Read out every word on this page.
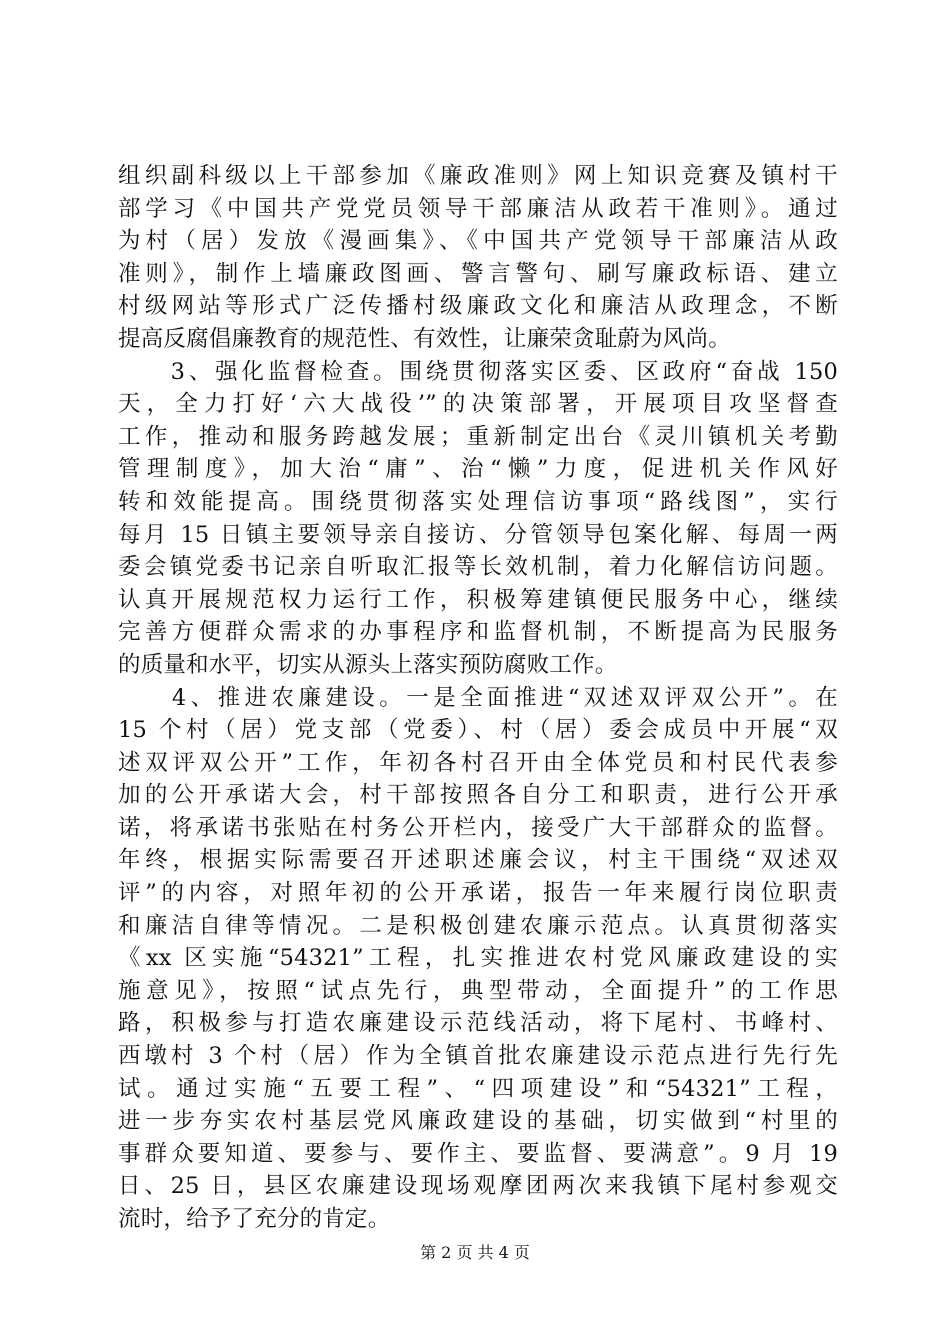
组织副科级以上干部参加《廉政准则》网上知识竞赛及镇村干
部学习《中国共产党党员领导干部廉洁从政若干准则》。通过
为村（居）发放《漫画集》、《中国共产党领导干部廉洁从政
准则》，制作上墙廉政图画、警言警句、刷写廉政标语、建立
村级网站等形式广泛传播村级廉政文化和廉洁从政理念，不断
提高反腐倡廉教育的规范性、有效性，让廉荣贪耻蔚为风尚。
　　3、强化监督检查。围绕贯彻落实区委、区政府“奋战 150
天，全力打好‘六大战役’”的决策部署，开展项目攻坚督查
工作，推动和服务跨越发展；重新制定出台《灵川镇机关考勤
管理制度》，加大治“庸”、治“懒”力度，促进机关作风好
转和效能提高。围绕贯彻落实处理信访事项“路线图”，实行
每月 15 日镇主要领导亲自接访、分管领导包案化解、每周一两
委会镇党委书记亲自听取汇报等长效机制，着力化解信访问题。
认真开展规范权力运行工作，积极筹建镇便民服务中心，继续
完善方便群众需求的办事程序和监督机制，不断提高为民服务
的质量和水平，切实从源头上落实预防腐败工作。
　　4、推进农廉建设。一是全面推进“双述双评双公开”。在
15 个村（居）党支部（党委）、村（居）委会成员中开展“双
述双评双公开”工作，年初各村召开由全体党员和村民代表参
加的公开承诺大会，村干部按照各自分工和职责，进行公开承
诺，将承诺书张贴在村务公开栏内，接受广大干部群众的监督。
年终，根据实际需要召开述职述廉会议，村主干围绕“双述双
评”的内容，对照年初的公开承诺，报告一年来履行岗位职责
和廉洁自律等情况。二是积极创建农廉示范点。认真贯彻落实
《xx 区实施“54321”工程，扎实推进农村党风廉政建设的实
施意见》，按照“试点先行，典型带动，全面提升”的工作思
路，积极参与打造农廉建设示范线活动，将下尾村、书峰村、
西墩村 3 个村（居）作为全镇首批农廉建设示范点进行先行先
试。通过实施“五要工程”、“四项建设”和“54321”工程，
进一步夯实农村基层党风廉政建设的基础，切实做到“村里的
事群众要知道、要参与、要作主、要监督、要满意”。9 月 19
日、25 日，县区农廉建设现场观摩团两次来我镇下尾村参观交
流时，给予了充分的肯定。
第 2 页 共 4 页
